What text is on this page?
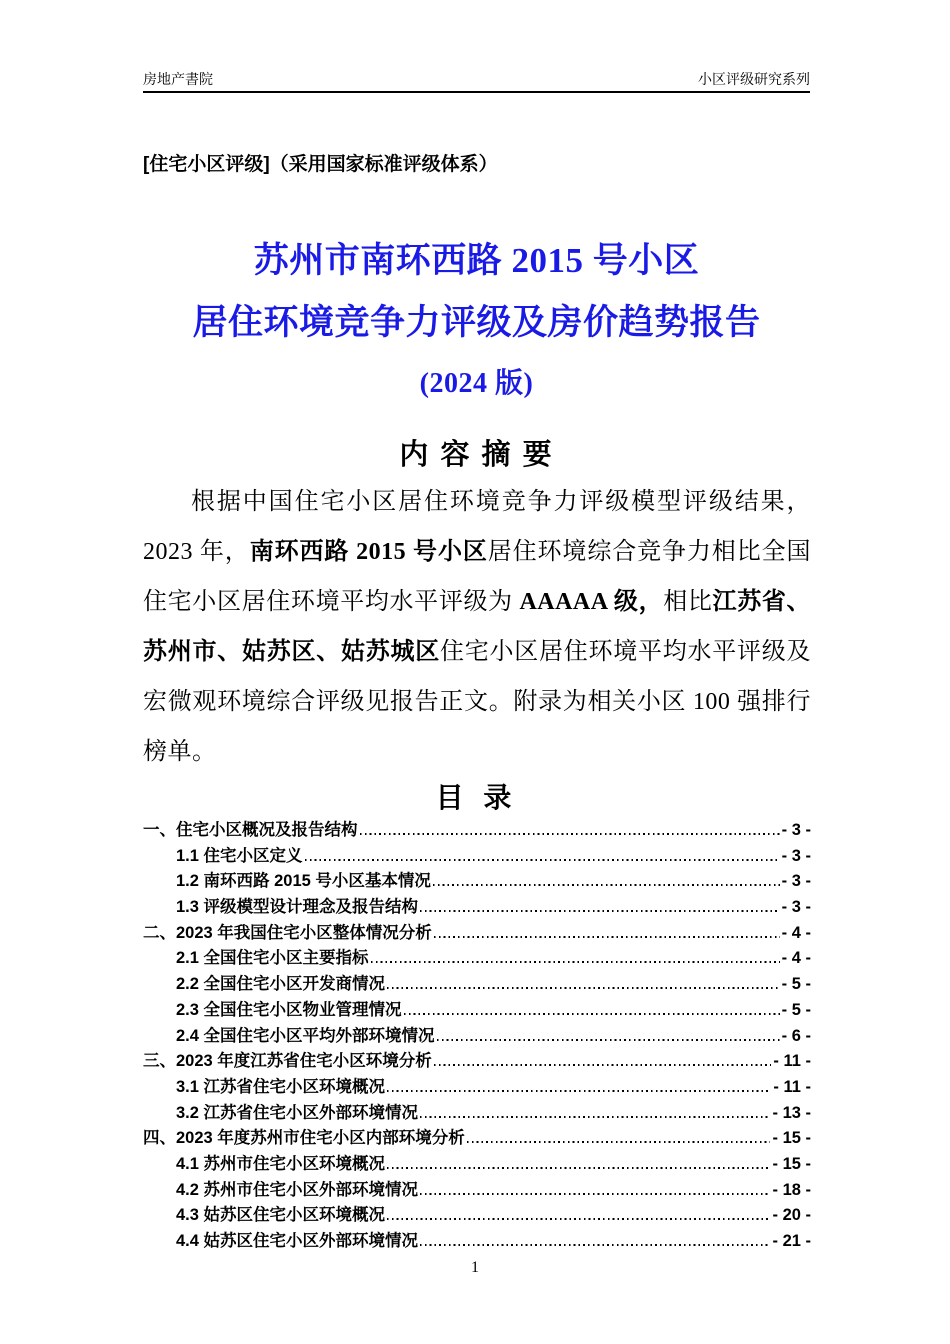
房地产書院	小区评级研究系列
[住宅小区评级]（采用国家标准评级体系）
苏州市南环西路 2015 号小区
居住环境竞争力评级及房价趋势报告
(2024 版)
内 容 摘 要
根据中国住宅小区居住环境竞争力评级模型评级结果，2023 年，南环西路 2015 号小区居住环境综合竞争力相比全国住宅小区居住环境平均水平评级为 AAAAA 级，相比江苏省、苏州市、姑苏区、姑苏城区住宅小区居住环境平均水平评级及宏微观环境综合评级见报告正文。附录为相关小区 100 强排行榜单。
目 录
一、住宅小区概况及报告结构	- 3 -
1.1 住宅小区定义	- 3 -
1.2 南环西路 2015 号小区基本情况	- 3 -
1.3 评级模型设计理念及报告结构	- 3 -
二、2023 年我国住宅小区整体情况分析	- 4 -
2.1 全国住宅小区主要指标	- 4 -
2.2 全国住宅小区开发商情况	- 5 -
2.3 全国住宅小区物业管理情况	- 5 -
2.4 全国住宅小区平均外部环境情况	- 6 -
三、2023 年度江苏省住宅小区环境分析	- 11 -
3.1 江苏省住宅小区环境概况	- 11 -
3.2 江苏省住宅小区外部环境情况	- 13 -
四、2023 年度苏州市住宅小区内部环境分析	- 15 -
4.1 苏州市住宅小区环境概况	- 15 -
4.2 苏州市住宅小区外部环境情况	- 18 -
4.3 姑苏区住宅小区环境概况	- 20 -
4.4 姑苏区住宅小区外部环境情况	- 21 -
1
